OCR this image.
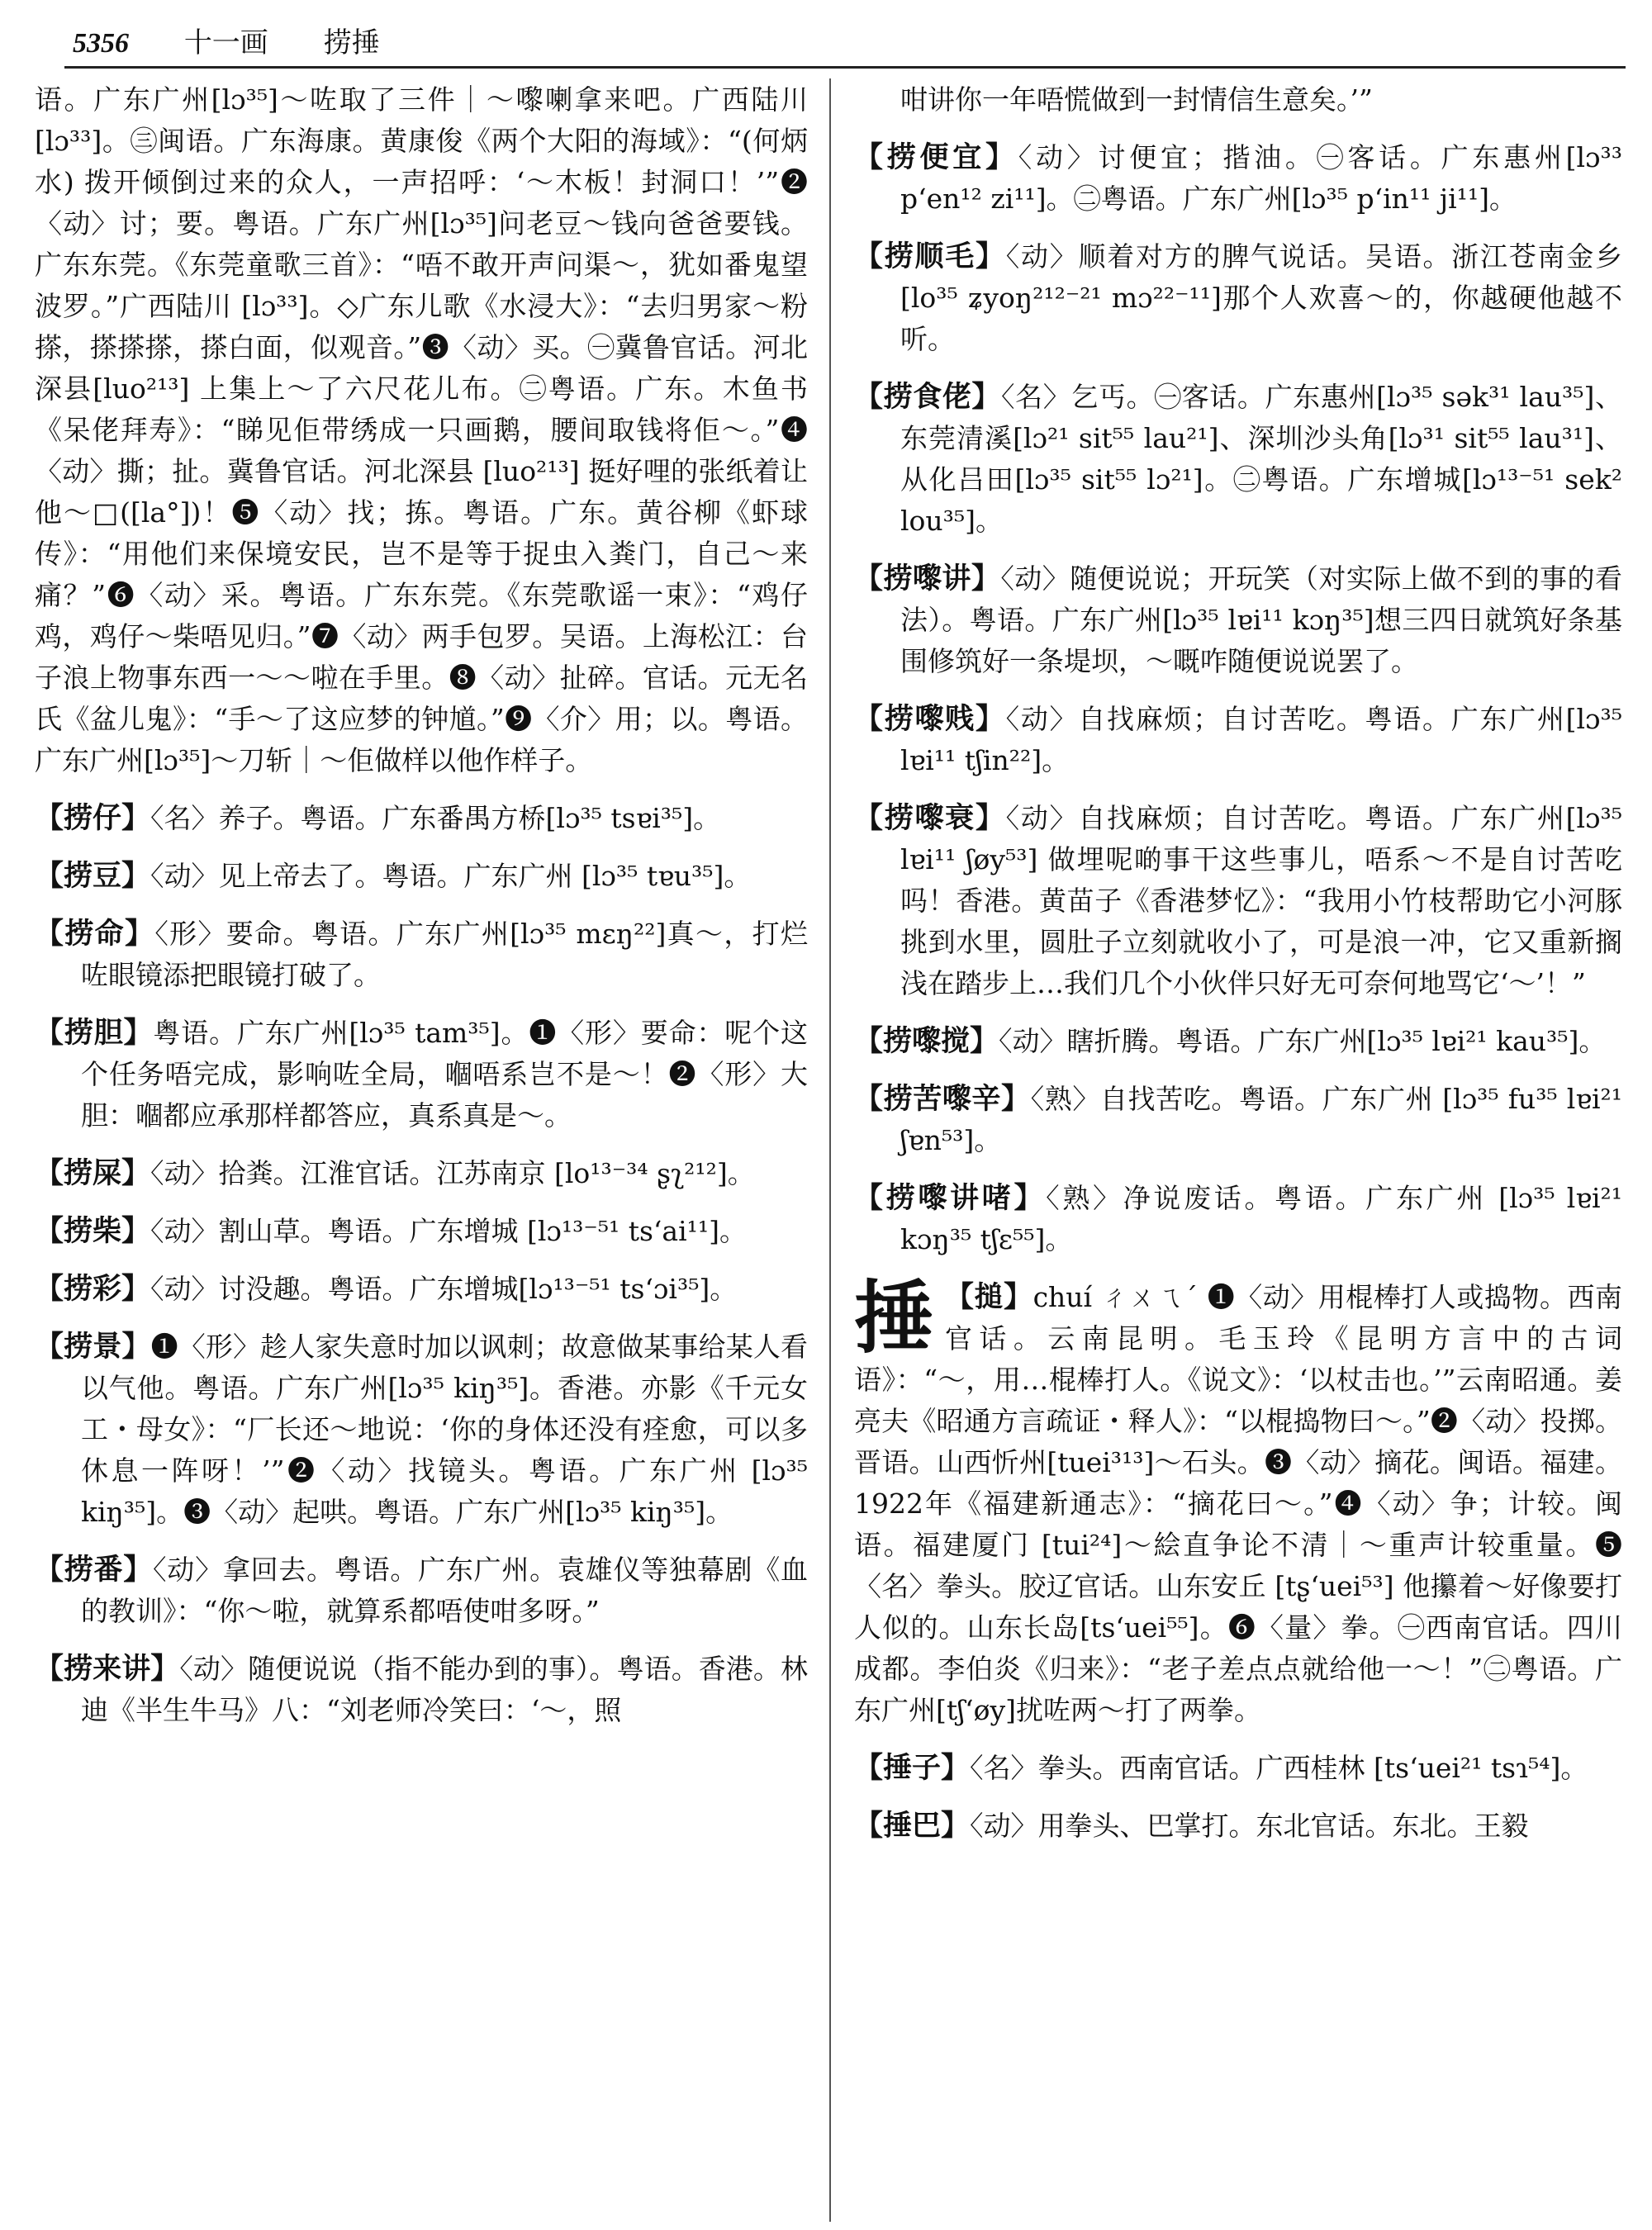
5356 十一画 捞捶
语。广东广州[lɔ³⁵]～咗取了三件｜～嚟喇拿来吧。广西陆川[lɔ³³]。㊂闽语。广东海康。黄康俊《两个大阳的海域》：“(何炳水) 拨开倾倒过来的众人，一声招呼：‘～木板！封洞口！’”❷〈动〉讨；要。粤语。广东广州[lɔ³⁵]问老豆～钱向爸爸要钱。广东东莞。《东莞童歌三首》：“唔不敢开声问渠～，犹如番鬼望波罗。”广西陆川 [lɔ³³]。◇广东儿歌《水浸大》：“去归男家～粉搽，搽搽搽，搽白面，似观音。”❸〈动〉买。㊀冀鲁官话。河北深县[luo²¹³] 上集上～了六尺花儿布。㊁粤语。广东。木鱼书《呆佬拜寿》：“睇见佢带绣成一只画鹅，腰间取钱将佢～。”❹〈动〉撕；扯。冀鲁官话。河北深县 [luo²¹³] 挺好哩的张纸着让他～□([la°])！❺〈动〉找；拣。粤语。广东。黄谷柳《虾球传》：“用他们来保境安民，岂不是等于捉虫入粪门，自己～来痛？”❻〈动〉采。粤语。广东东莞。《东莞歌谣一束》：“鸡仔鸡，鸡仔～柴唔见归。”❼〈动〉两手包罗。吴语。上海松江：台子浪上物事东西一～～啦在手里。❽〈动〉扯碎。官话。元无名氏《盆儿鬼》：“手～了这应梦的钟馗。”❾〈介〉用；以。粤语。广东广州[lɔ³⁵]～刀斩｜～佢做样以他作样子。
【捞仔】〈名〉养子。粤语。广东番禺方桥[lɔ³⁵ tsɐi³⁵]。
【捞豆】〈动〉见上帝去了。粤语。广东广州 [lɔ³⁵ tɐu³⁵]。
【捞命】〈形〉要命。粤语。广东广州[lɔ³⁵ mɛŋ²²]真～，打烂咗眼镜添把眼镜打破了。
【捞胆】粤语。广东广州[lɔ³⁵ tam³⁵]。❶〈形〉要命：呢个这个任务唔完成，影响咗全局，嗰唔系岂不是～！❷〈形〉大胆：嗰都应承那样都答应，真系真是～。
【捞屎】〈动〉拾粪。江淮官话。江苏南京 [lo¹³⁻³⁴ ʂʅ²¹²]。
【捞柴】〈动〉割山草。粤语。广东增城 [lɔ¹³⁻⁵¹ ts‘ai¹¹]。
【捞彩】〈动〉讨没趣。粤语。广东增城[lɔ¹³⁻⁵¹ ts‘ɔi³⁵]。
【捞景】❶〈形〉趁人家失意时加以讽刺；故意做某事给某人看以气他。粤语。广东广州[lɔ³⁵ kiŋ³⁵]。香港。亦影《千元女工・母女》：“厂长还～地说：‘你的身体还没有痊愈，可以多休息一阵呀！’”❷〈动〉找镜头。粤语。广东广州 [lɔ³⁵ kiŋ³⁵]。❸〈动〉起哄。粤语。广东广州[lɔ³⁵ kiŋ³⁵]。
【捞番】〈动〉拿回去。粤语。广东广州。袁雄仪等独幕剧《血的教训》：“你～啦，就算系都唔使咁多呀。”
【捞来讲】〈动〉随便说说（指不能办到的事）。粤语。香港。林迪《半生牛马》八：“刘老师冷笑曰：‘～，照
咁讲你一年唔慌做到一封情信生意矣。’”
【捞便宜】〈动〉讨便宜；揩油。㊀客话。广东惠州[lɔ³³ p‘en¹² zi¹¹]。㊁粤语。广东广州[lɔ³⁵ p‘in¹¹ ji¹¹]。
【捞顺毛】〈动〉顺着对方的脾气说话。吴语。浙江苍南金乡 [lo³⁵ ʑyoŋ²¹²⁻²¹ mɔ²²⁻¹¹]那个人欢喜～的，你越硬他越不听。
【捞食佬】〈名〉乞丐。㊀客话。广东惠州[lɔ³⁵ sək³¹ lau³⁵]、东莞清溪[lɔ²¹ sit⁵⁵ lau²¹]、深圳沙头角[lɔ³¹ sit⁵⁵ lau³¹]、从化吕田[lɔ³⁵ sit⁵⁵ lɔ²¹]。㊁粤语。广东增城[lɔ¹³⁻⁵¹ sek² lou³⁵]。
【捞嚟讲】〈动〉随便说说；开玩笑（对实际上做不到的事的看法）。粤语。广东广州[lɔ³⁵ lɐi¹¹ kɔŋ³⁵]想三四日就筑好条基围修筑好一条堤坝，～嘅咋随便说说罢了。
【捞嚟贱】〈动〉自找麻烦；自讨苦吃。粤语。广东广州[lɔ³⁵ lɐi¹¹ tʃin²²]。
【捞嚟衰】〈动〉自找麻烦；自讨苦吃。粤语。广东广州[lɔ³⁵ lɐi¹¹ ʃøy⁵³] 做埋呢啲事干这些事儿，唔系～不是自讨苦吃吗！香港。黄苗子《香港梦忆》：“我用小竹枝帮助它小河豚挑到水里，圆肚子立刻就收小了，可是浪一冲，它又重新搁浅在踏步上…我们几个小伙伴只好无可奈何地骂它‘～’！”
【捞嚟搅】〈动〉瞎折腾。粤语。广东广州[lɔ³⁵ lɐi²¹ kau³⁵]。
【捞苦嚟辛】〈熟〉自找苦吃。粤语。广东广州 [lɔ³⁵ fu³⁵ lɐi²¹ ʃɐn⁵³]。
【捞嚟讲啫】〈熟〉净说废话。粤语。广东广州 [lɔ³⁵ lɐi²¹ kɔŋ³⁵ tʃɛ⁵⁵]。
捶 【搥】chuí ㄔㄨㄟˊ ❶〈动〉用棍棒打人或捣物。西南官话。云南昆明。毛玉玲《昆明方言中的古词语》：“～，用…棍棒打人。《说文》：‘以杖击也。’”云南昭通。姜亮夫《昭通方言疏证・释人》：“以棍捣物曰～。”❷〈动〉投掷。晋语。山西忻州[tuei³¹³]～石头。❸〈动〉摘花。闽语。福建。1922年《福建新通志》：“摘花曰～。”❹〈动〉争；计较。闽语。福建厦门 [tui²⁴]～絵直争论不清｜～重声计较重量。❺〈名〉拳头。胶辽官话。山东安丘 [tʂ‘uei⁵³] 他攥着～好像要打人似的。山东长岛[ts‘uei⁵⁵]。❻〈量〉拳。㊀西南官话。四川成都。李伯炎《归来》：“老子差点点就给他一～！”㊁粤语。广东广州[tʃ‘øy]扰咗两～打了两拳。
【捶子】〈名〉拳头。西南官话。广西桂林 [ts‘uei²¹ tsɿ⁵⁴]。
【捶巴】〈动〉用拳头、巴掌打。东北官话。东北。王毅
